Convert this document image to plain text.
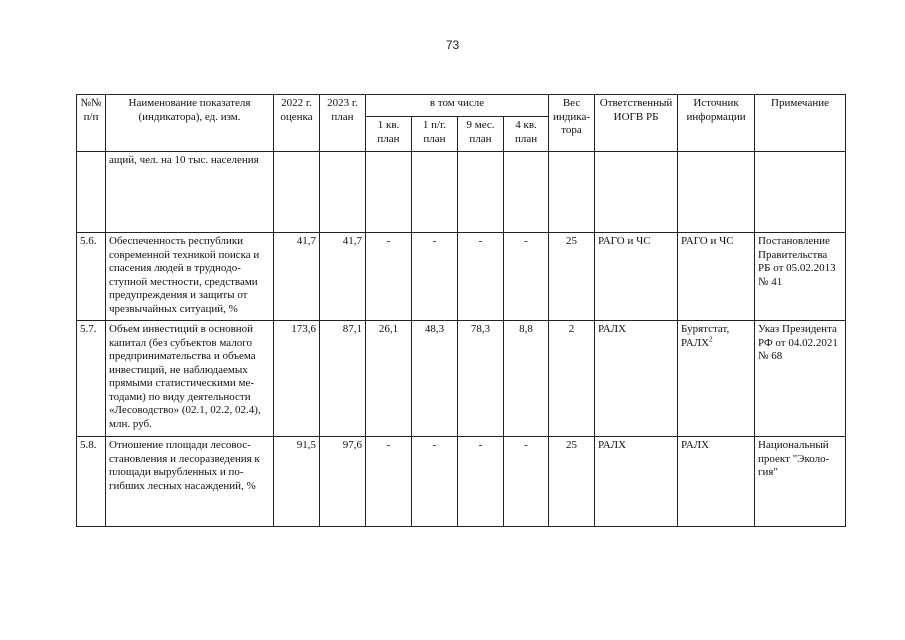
73
№№ п/п	Наименование показателя (индикатора), ед. изм.	2022 г. оценка	2023 г. план	в том числе				Вес индика-тора	Ответственный ИОГВ РБ	Источник информации	Примечание
				1 кв. план	1 п/г. план	9 мес. план	4 кв. план				
	ащий, чел. на 10 тыс. населения										
5.6.	Обеспеченность республики современной техникой поиска и спасения людей в труднодо-ступной местности, средствами предупреждения и защиты от чрезвычайных ситуаций, %	41,7	41,7	-	-	-	-	25	РАГО и ЧС	РАГО и ЧС	Постановление Правительства РБ от 05.02.2013 № 41
5.7.	Объем инвестиций в основной капитал (без субъектов малого предпринимательства и объема инвестиций, не наблюдаемых прямыми статистическими ме-тодами) по виду деятельности «Лесоводство» (02.1, 02.2, 02.4), млн. руб.	173,6	87,1	26,1	48,3	78,3	8,8	2	РАЛХ	Бурятстат, РАЛХ$^2$	Указ Президента РФ от 04.02.2021 № 68
5.8.	Отношение площади лесовос-становления и лесоразведения к площади вырубленных и по-гибших лесных насаждений, %	91,5	97,6	-	-	-	-	25	РАЛХ	РАЛХ	Национальный проект "Эколо-гия"
